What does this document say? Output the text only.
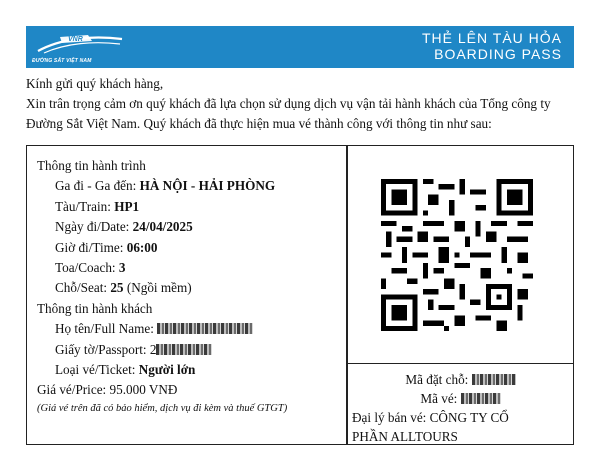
VNR
ĐƯỜNG SẮT VIỆT NAM
THẺ LÊN TÀU HỎA
BOARDING PASS

Kính gửi quý khách hàng,

Xin trân trọng cảm ơn quý khách đã lựa chọn sử dụng dịch vụ vận tải hành khách của Tổng công ty Đường Sắt Việt Nam. Quý khách đã thực hiện mua vé thành công với thông tin như sau:

Thông tin hành trình
Ga đi - Ga đến: HÀ NỘI - HẢI PHÒNG
Tàu/Train: HP1
Ngày đi/Date: 24/04/2025
Giờ đi/Time: 06:00
Toa/Coach: 3
Chỗ/Seat: 25 (Ngồi mềm)
Thông tin hành khách
Họ tên/Full Name:
Giấy tờ/Passport: 2
Loại vé/Ticket: Người lớn
Giá vé/Price: 95.000 VNĐ
(Giá vé trên đã có bảo hiểm, dịch vụ đi kèm và thuế GTGT)
Mã đặt chỗ:
Mã vé:
Đại lý bán vé: CÔNG TY CỔ
PHẦN ALLTOURS
